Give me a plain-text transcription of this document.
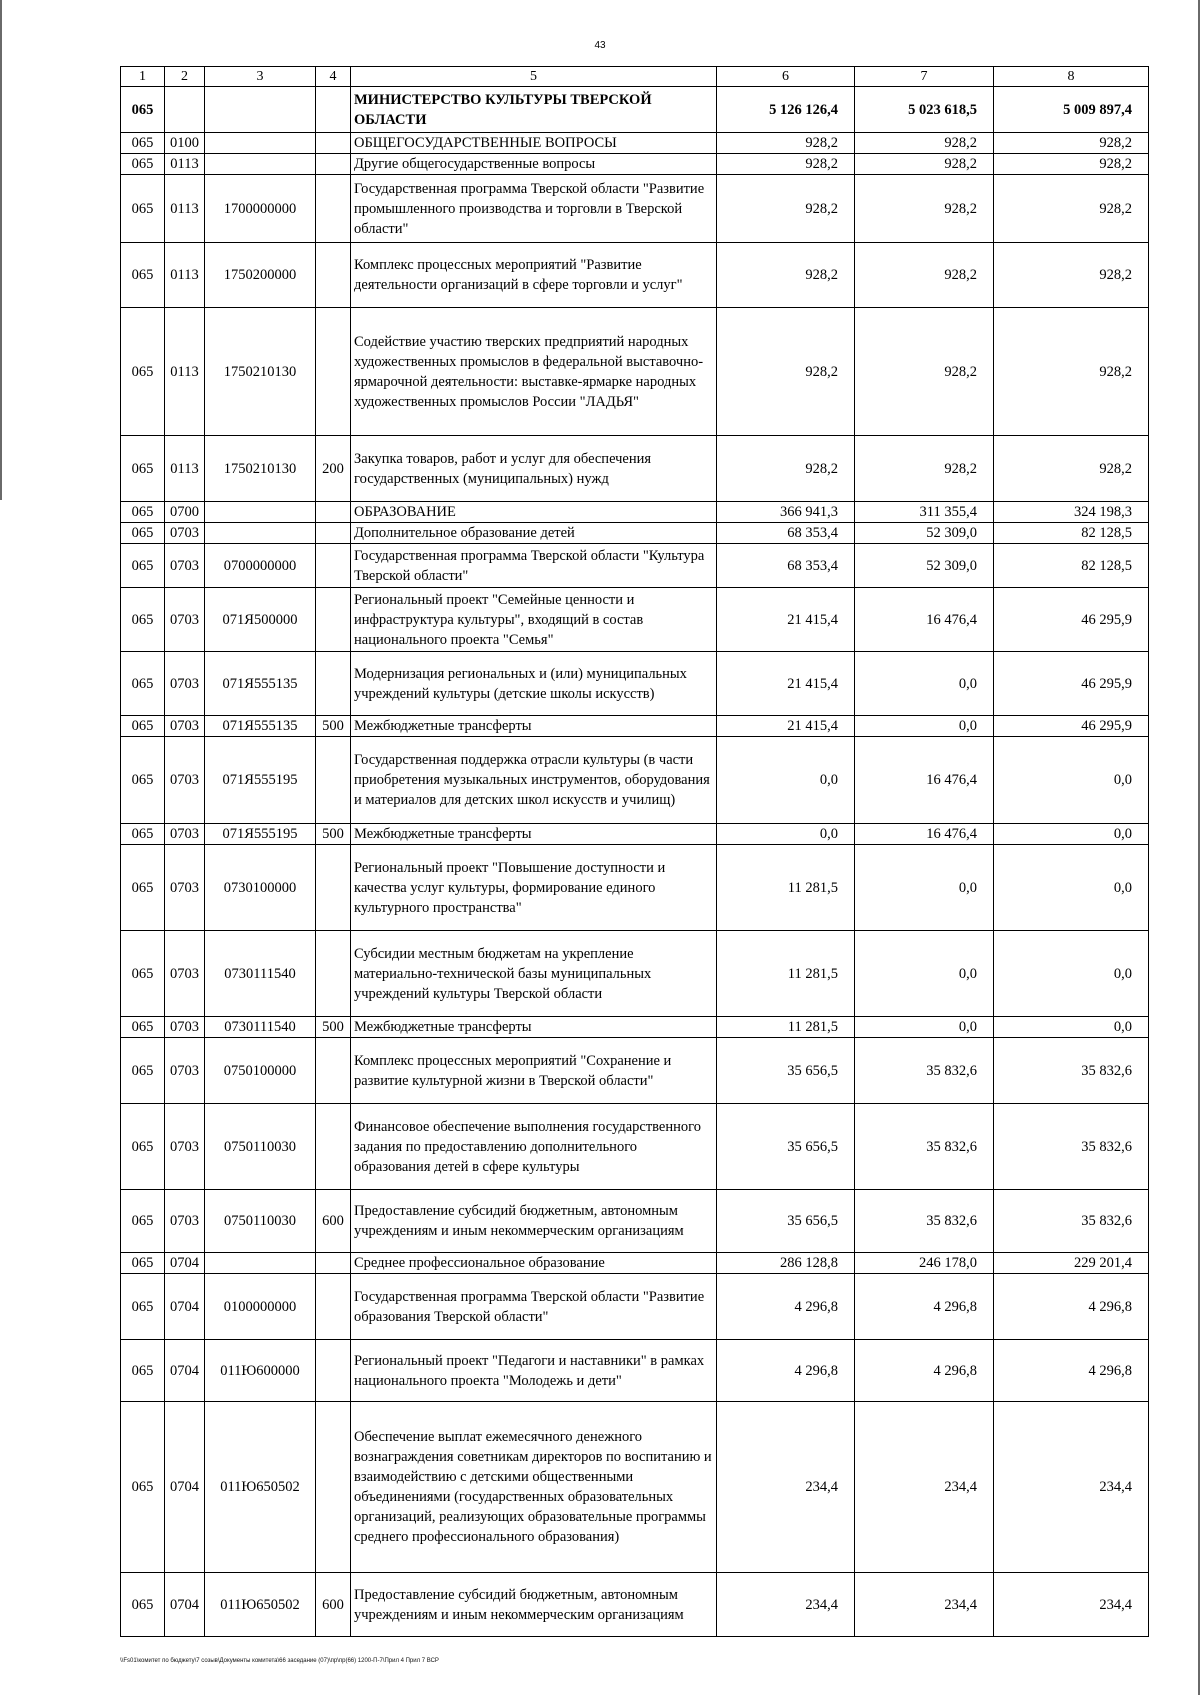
43
1	2	3	4	5	6	7	8
065				МИНИСТЕРСТВО КУЛЬТУРЫ ТВЕРСКОЙ ОБЛАСТИ	5 126 126,4	5 023 618,5	5 009 897,4
065	0100			ОБЩЕГОСУДАРСТВЕННЫЕ ВОПРОСЫ	928,2	928,2	928,2
065	0113			Другие общегосударственные вопросы	928,2	928,2	928,2
065	0113	1700000000		Государственная программа Тверской области "Развитие промышленного производства и торговли в Тверской области"	928,2	928,2	928,2
065	0113	1750200000		Комплекс процессных мероприятий "Развитие деятельности организаций в сфере торговли и услуг"	928,2	928,2	928,2
065	0113	1750210130		Содействие участию тверских предприятий народных художественных промыслов в федеральной выставочно-ярмарочной деятельности: выставке-ярмарке народных художественных промыслов России "ЛАДЬЯ"	928,2	928,2	928,2
065	0113	1750210130	200	Закупка товаров, работ и услуг для обеспечения государственных (муниципальных) нужд	928,2	928,2	928,2
065	0700			ОБРАЗОВАНИЕ	366 941,3	311 355,4	324 198,3
065	0703			Дополнительное образование детей	68 353,4	52 309,0	82 128,5
065	0703	0700000000		Государственная программа Тверской области "Культура Тверской области"	68 353,4	52 309,0	82 128,5
065	0703	071Я500000		Региональный проект "Семейные ценности и инфраструктура культуры", входящий в состав национального проекта "Семья"	21 415,4	16 476,4	46 295,9
065	0703	071Я555135		Модернизация региональных и (или) муниципальных учреждений культуры (детские школы искусств)	21 415,4	0,0	46 295,9
065	0703	071Я555135	500	Межбюджетные трансферты	21 415,4	0,0	46 295,9
065	0703	071Я555195		Государственная поддержка отрасли культуры (в части приобретения музыкальных инструментов, оборудования и материалов для детских школ искусств и училищ)	0,0	16 476,4	0,0
065	0703	071Я555195	500	Межбюджетные трансферты	0,0	16 476,4	0,0
065	0703	0730100000		Региональный проект "Повышение доступности и качества услуг культуры, формирование единого культурного пространства"	11 281,5	0,0	0,0
065	0703	0730111540		Субсидии местным бюджетам на укрепление материально-технической базы муниципальных учреждений культуры Тверской области	11 281,5	0,0	0,0
065	0703	0730111540	500	Межбюджетные трансферты	11 281,5	0,0	0,0
065	0703	0750100000		Комплекс процессных мероприятий "Сохранение и развитие культурной жизни в Тверской области"	35 656,5	35 832,6	35 832,6
065	0703	0750110030		Финансовое обеспечение выполнения государственного задания по предоставлению дополнительного образования детей в сфере культуры	35 656,5	35 832,6	35 832,6
065	0703	0750110030	600	Предоставление субсидий бюджетным, автономным учреждениям и иным некоммерческим организациям	35 656,5	35 832,6	35 832,6
065	0704			Среднее профессиональное образование	286 128,8	246 178,0	229 201,4
065	0704	0100000000		Государственная программа Тверской области "Развитие образования Тверской области"	4 296,8	4 296,8	4 296,8
065	0704	011Ю600000		Региональный проект "Педагоги и наставники" в рамках национального проекта "Молодежь и дети"	4 296,8	4 296,8	4 296,8
065	0704	011Ю650502		Обеспечение выплат ежемесячного денежного вознаграждения советникам директоров по воспитанию и взаимодействию с детскими общественными объединениями (государственных образовательных организаций, реализующих образовательные программы среднего профессионального образования)	234,4	234,4	234,4
065	0704	011Ю650502	600	Предоставление субсидий бюджетным, автономным учреждениям и иным некоммерческим организациям	234,4	234,4	234,4
\\Fs01\комитет по бюджету\7 созыв\Документы комитета\66 заседание (07)\пр\пр(66) 1200-П-7\Прил 4 Прил 7 ВСР
